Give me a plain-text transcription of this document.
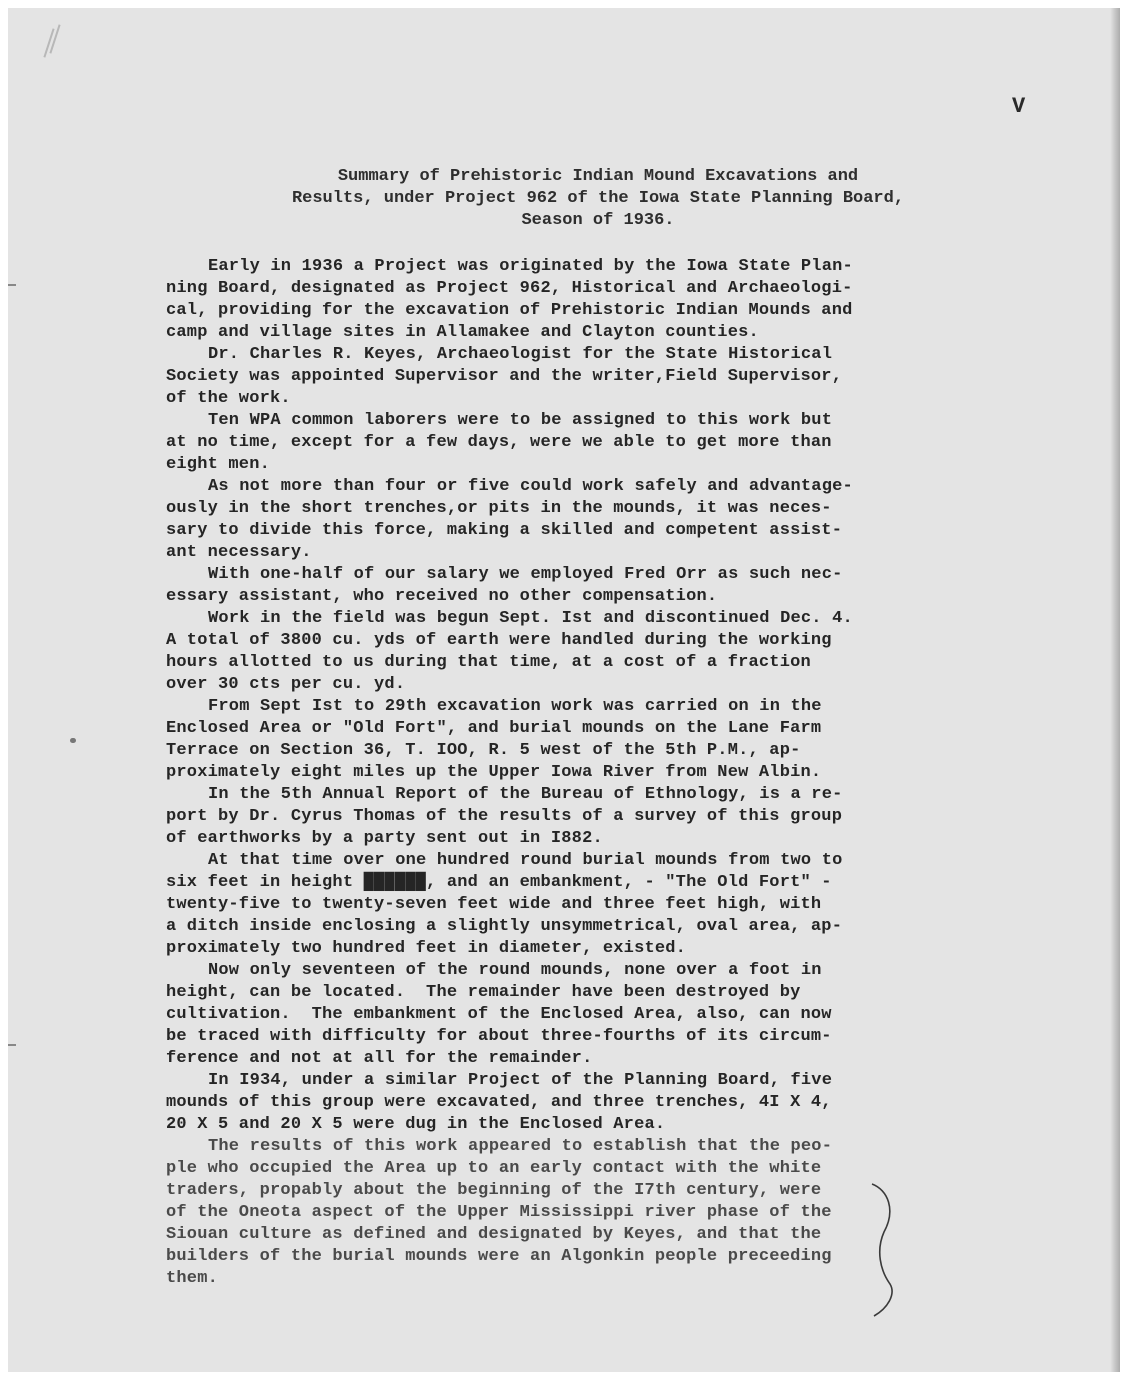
V
Summary of Prehistoric Indian Mound Excavations and
Results, under Project 962 of the Iowa State Planning Board,
Season of 1936.
Early in 1936 a Project was originated by the Iowa State Plan-
ning Board, designated as Project 962, Historical and Archaeologi-
cal, providing for the excavation of Prehistoric Indian Mounds and
camp and village sites in Allamakee and Clayton counties.
Dr. Charles R. Keyes, Archaeologist for the State Historical
Society was appointed Supervisor and the writer,Field Supervisor,
of the work.
Ten WPA common laborers were to be assigned to this work but
at no time, except for a few days, were we able to get more than
eight men.
As not more than four or five could work safely and advantage-
ously in the short trenches,or pits in the mounds, it was neces-
sary to divide this force, making a skilled and competent assist-
ant necessary.
With one-half of our salary we employed Fred Orr as such nec-
essary assistant, who received no other compensation.
Work in the field was begun Sept. Ist and discontinued Dec. 4.
A total of 3800 cu. yds of earth were handled during the working
hours allotted to us during that time, at a cost of a fraction
over 30 cts per cu. yd.
From Sept Ist to 29th excavation work was carried on in the
Enclosed Area or "Old Fort", and burial mounds on the Lane Farm
Terrace on Section 36, T. IOO, R. 5 west of the 5th P.M., ap-
proximately eight miles up the Upper Iowa River from New Albin.
In the 5th Annual Report of the Bureau of Ethnology, is a re-
port by Dr. Cyrus Thomas of the results of a survey of this group
of earthworks by a party sent out in I882.
At that time over one hundred round burial mounds from two to
six feet in height ██████, and an embankment, - "The Old Fort" -
twenty-five to twenty-seven feet wide and three feet high, with
a ditch inside enclosing a slightly unsymmetrical, oval area, ap-
proximately two hundred feet in diameter, existed.
Now only seventeen of the round mounds, none over a foot in
height, can be located.  The remainder have been destroyed by
cultivation.  The embankment of the Enclosed Area, also, can now
be traced with difficulty for about three-fourths of its circum-
ference and not at all for the remainder.
In I934, under a similar Project of the Planning Board, five
mounds of this group were excavated, and three trenches, 4I X 4,
20 X 5 and 20 X 5 were dug in the Enclosed Area.
The results of this work appeared to establish that the peo-
ple who occupied the Area up to an early contact with the white
traders, propably about the beginning of the I7th century, were
of the Oneota aspect of the Upper Mississippi river phase of the
Siouan culture as defined and designated by Keyes, and that the
builders of the burial mounds were an Algonkin people preceeding
them.
